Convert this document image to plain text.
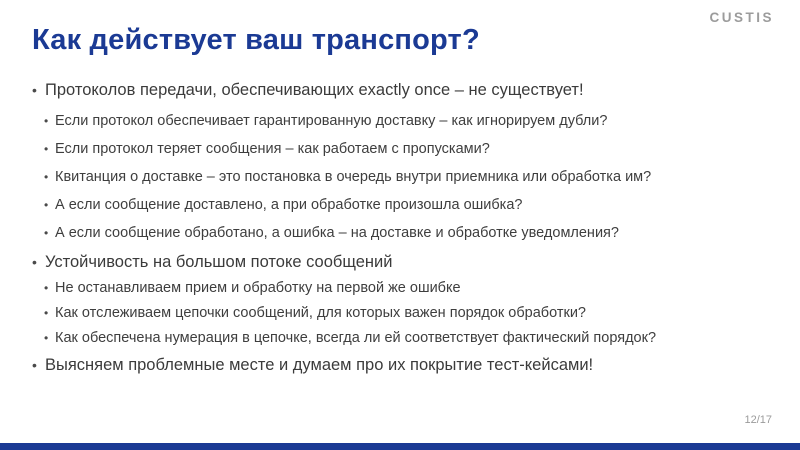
CUSTIS
Как действует ваш транспорт?
• Протоколов передачи, обеспечивающих exactly once – не существует!
• Если протокол обеспечивает гарантированную доставку – как игнорируем дубли?
• Если протокол теряет сообщения – как работаем с пропусками?
• Квитанция о доставке – это постановка в очередь внутри приемника или обработка им?
• А если сообщение доставлено, а при обработке произошла ошибка?
• А если сообщение обработано, а ошибка – на доставке и обработке уведомления?
• Устойчивость на большом потоке сообщений
• Не останавливаем прием и обработку на первой же ошибке
• Как отслеживаем цепочки сообщений, для которых важен порядок обработки?
• Как обеспечена нумерация в цепочке, всегда ли ей соответствует фактический порядок?
• Выясняем проблемные месте и думаем про их покрытие тест-кейсами!
12/17
